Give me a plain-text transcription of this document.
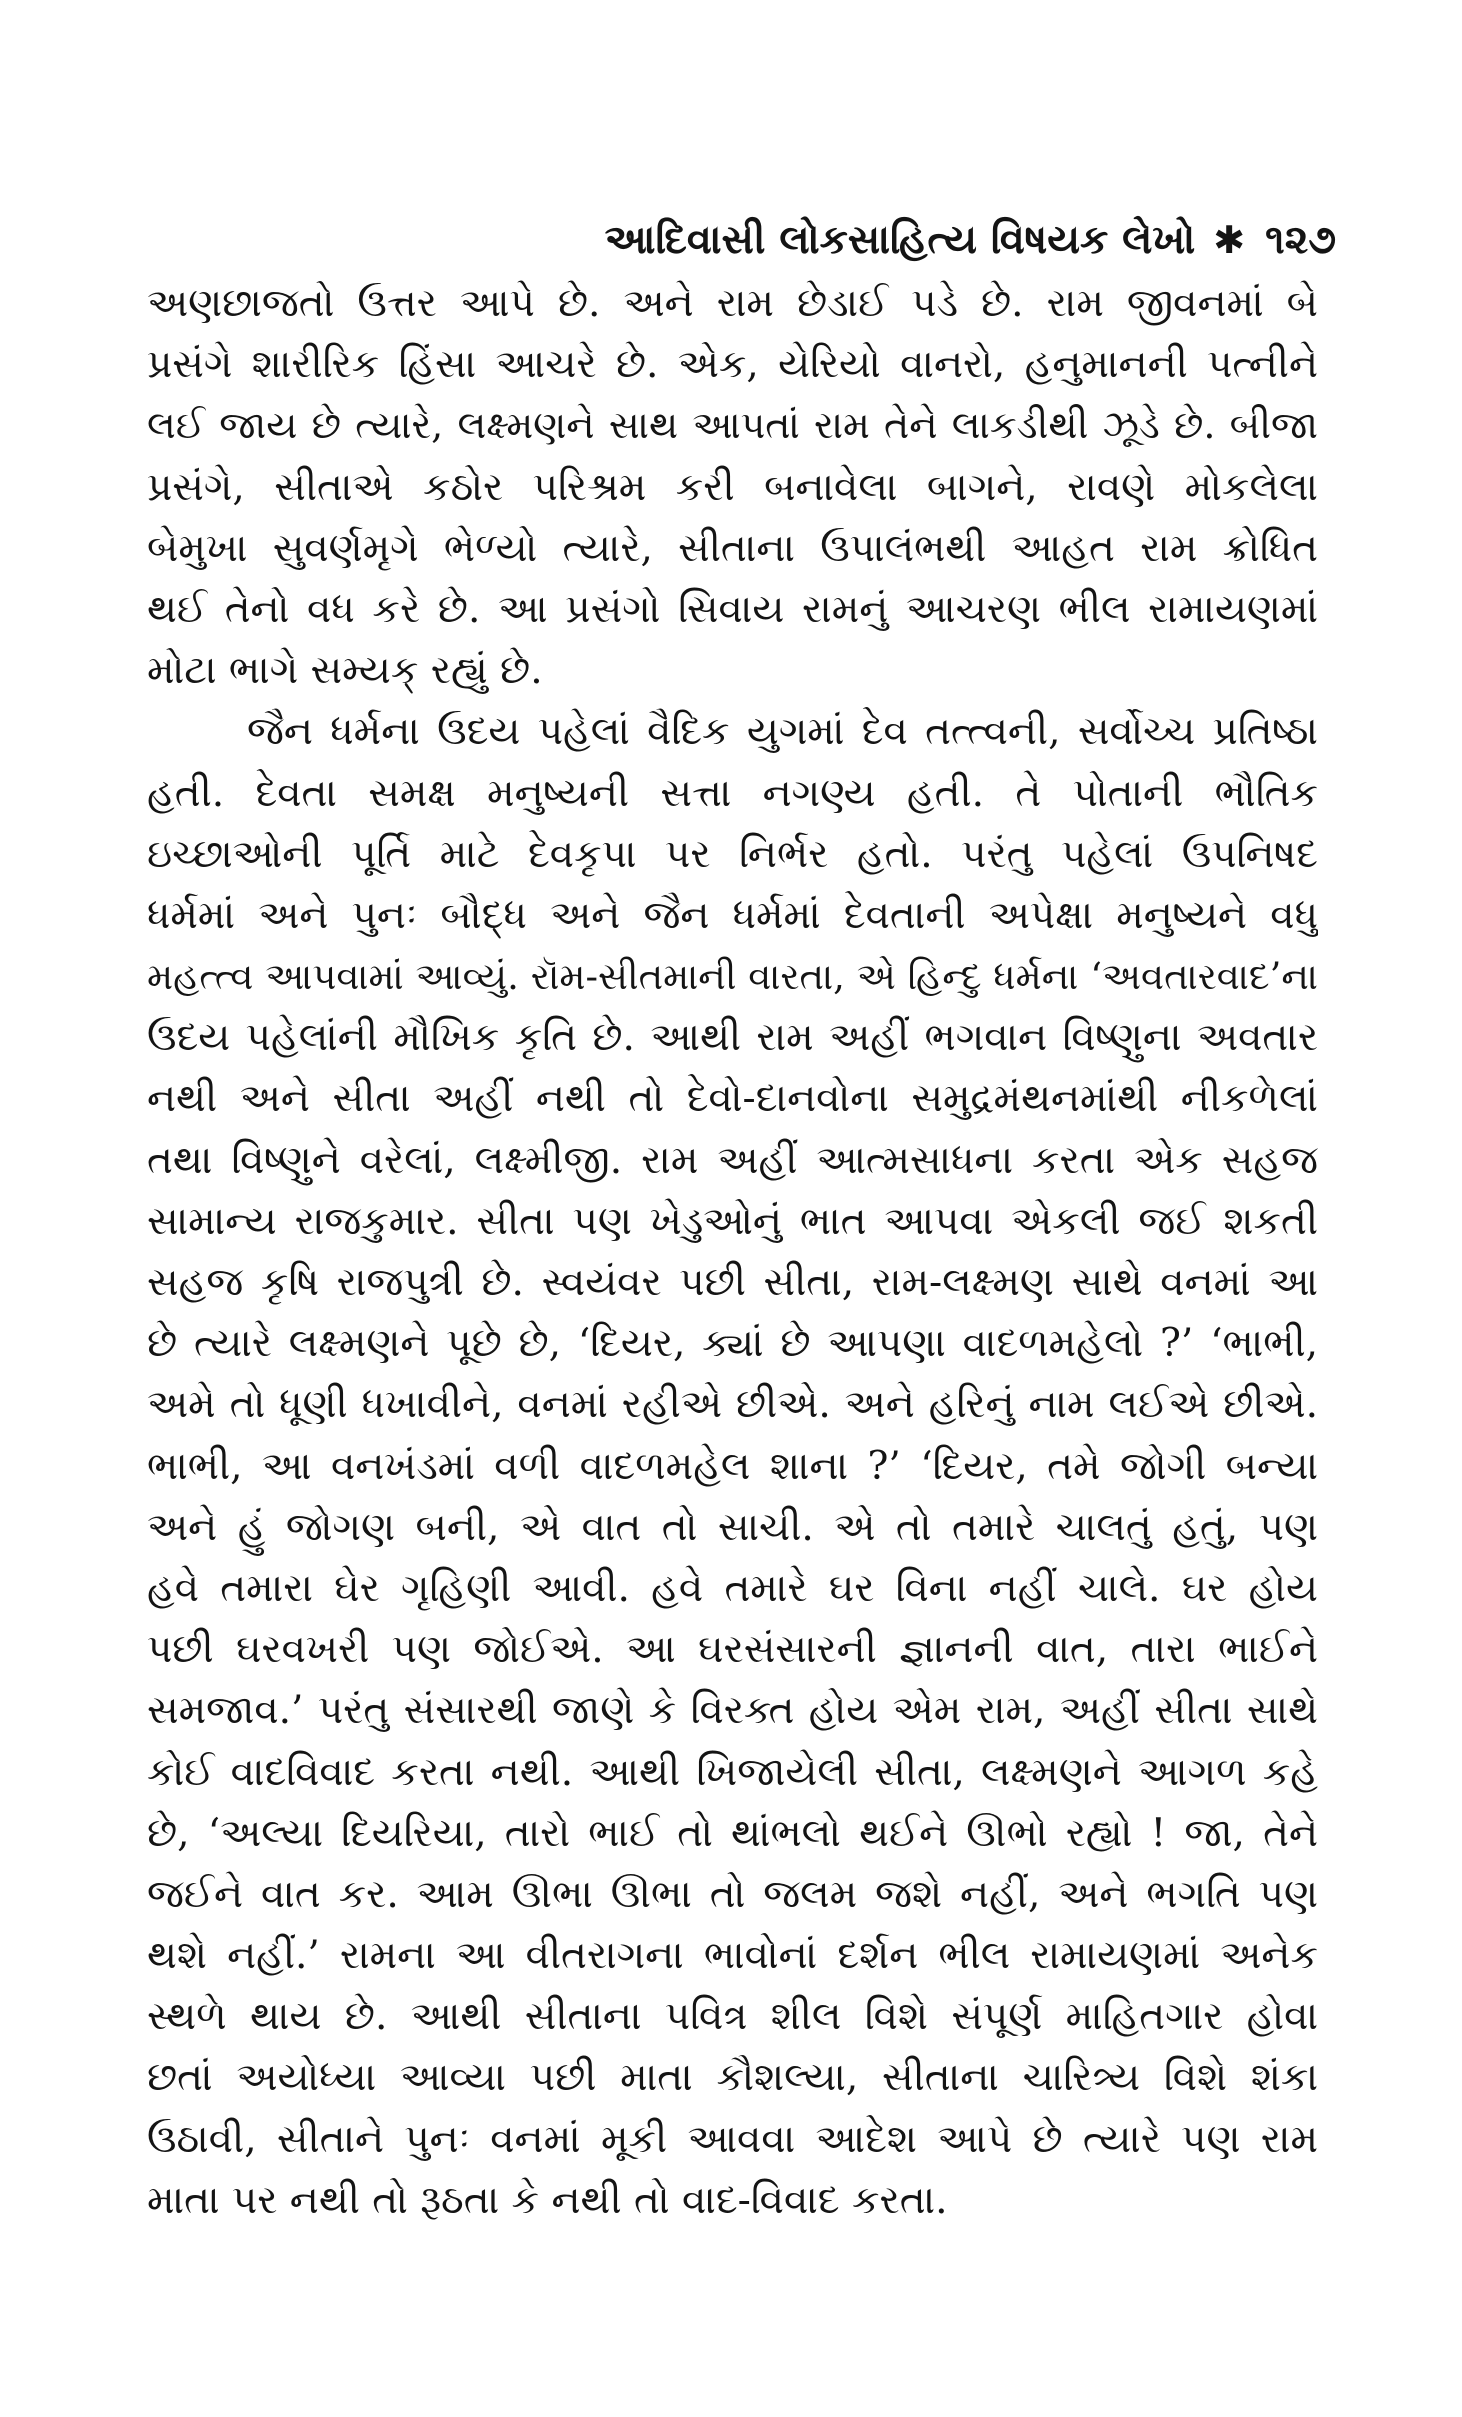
આદિવાસી લોકસાહિત્ય વિષયક લેખો ✱ ૧૨૭
અણછાજતો ઉત્તર આપે છે. અને રામ છેડાઈ પડે છે. રામ જીવનમાં બે
પ્રસંગે શારીરિક હિંસા આચરે છે. એક, યેરિયો વાનરો, હનુમાનની પત્નીને
લઈ જાય છે ત્યારે, લક્ષ્મણને સાથ આપતાં રામ તેને લાકડીથી ઝૂડે છે. બીજા
પ્રસંગે, સીતાએ કઠોર પરિશ્રમ કરી બનાવેલા બાગને, રાવણે મોકલેલા
બેમુખા સુવર્ણમૃગે ભેળ્યો ત્યારે, સીતાના ઉપાલંભથી આહત રામ ક્રોધિત
થઈ તેનો વધ કરે છે. આ પ્રસંગો સિવાય રામનું આચરણ ભીલ રામાયણમાં
મોટા ભાગે સમ્યક્ રહ્યું છે.
જૈન ધર્મના ઉદય પહેલાં વૈદિક યુગમાં દેવ તત્ત્વની, સર્વોચ્ચ પ્રતિષ્ઠા
હતી. દેવતા સમક્ષ મનુષ્યની સત્તા નગણ્ય હતી. તે પોતાની ભૌતિક
ઇચ્છાઓની પૂર્તિ માટે દેવકૃપા પર નિર્ભર હતો. પરંતુ પહેલાં ઉપનિષદ
ધર્મમાં અને પુનઃ બૌદ્ધ અને જૈન ધર્મમાં દેવતાની અપેક્ષા મનુષ્યને વધુ
મહત્ત્વ આપવામાં આવ્યું. રૉમ-સીતમાની વારતા, એ હિન્દુ ધર્મના ‘અવતારવાદ’ના
ઉદય પહેલાંની મૌખિક કૃતિ છે. આથી રામ અહીં ભગવાન વિષ્ણુના અવતાર
નથી અને સીતા અહીં નથી તો દેવો-દાનવોના સમુદ્રમંથનમાંથી નીકળેલાં
તથા વિષ્ણુને વરેલાં, લક્ષ્મીજી. રામ અહીં આત્મસાધના કરતા એક સહજ
સામાન્ય રાજકુમાર. સીતા પણ ખેડુઓનું ભાત આપવા એકલી જઈ શકતી
સહજ કૃષિ રાજપુત્રી છે. સ્વયંવર પછી સીતા, રામ-લક્ષ્મણ સાથે વનમાં આ
છે ત્યારે લક્ષ્મણને પૂછે છે, ‘દિયર, ક્યાં છે આપણા વાદળમહેલો ?’ ‘ભાભી,
અમે તો ધૂણી ધખાવીને, વનમાં રહીએ છીએ. અને હરિનું નામ લઈએ છીએ.
ભાભી, આ વનખંડમાં વળી વાદળમહેલ શાના ?’ ‘દિયર, તમે જોગી બન્યા
અને હું જોગણ બની, એ વાત તો સાચી. એ તો તમારે ચાલતું હતું, પણ
હવે તમારા ઘેર ગૃહિણી આવી. હવે તમારે ઘર વિના નહીં ચાલે. ઘર હોય
પછી ઘરવખરી પણ જોઈએ. આ ઘરસંસારની જ્ઞાનની વાત, તારા ભાઈને
સમજાવ.’ પરંતુ સંસારથી જાણે કે વિરક્ત હોય એમ રામ, અહીં સીતા સાથે
કોઈ વાદવિવાદ કરતા નથી. આથી ખિજાયેલી સીતા, લક્ષ્મણને આગળ કહે
છે, ‘અલ્યા દિયરિયા, તારો ભાઈ તો થાંભલો થઈને ઊભો રહ્યો ! જા, તેને
જઈને વાત કર. આમ ઊભા ઊભા તો જલમ જશે નહીં, અને ભગતિ પણ
થશે નહીં.’ રામના આ વીતરાગના ભાવોનાં દર્શન ભીલ રામાયણમાં અનેક
સ્થળે થાય છે. આથી સીતાના પવિત્ર શીલ વિશે સંપૂર્ણ માહિતગાર હોવા
છતાં અયોધ્યા આવ્યા પછી માતા કૌશલ્યા, સીતાના ચારિત્ર્ય વિશે શંકા
ઉઠાવી, સીતાને પુનઃ વનમાં મૂકી આવવા આદેશ આપે છે ત્યારે પણ રામ
માતા પર નથી તો રૂઠતા કે નથી તો વાદ-વિવાદ કરતા.
